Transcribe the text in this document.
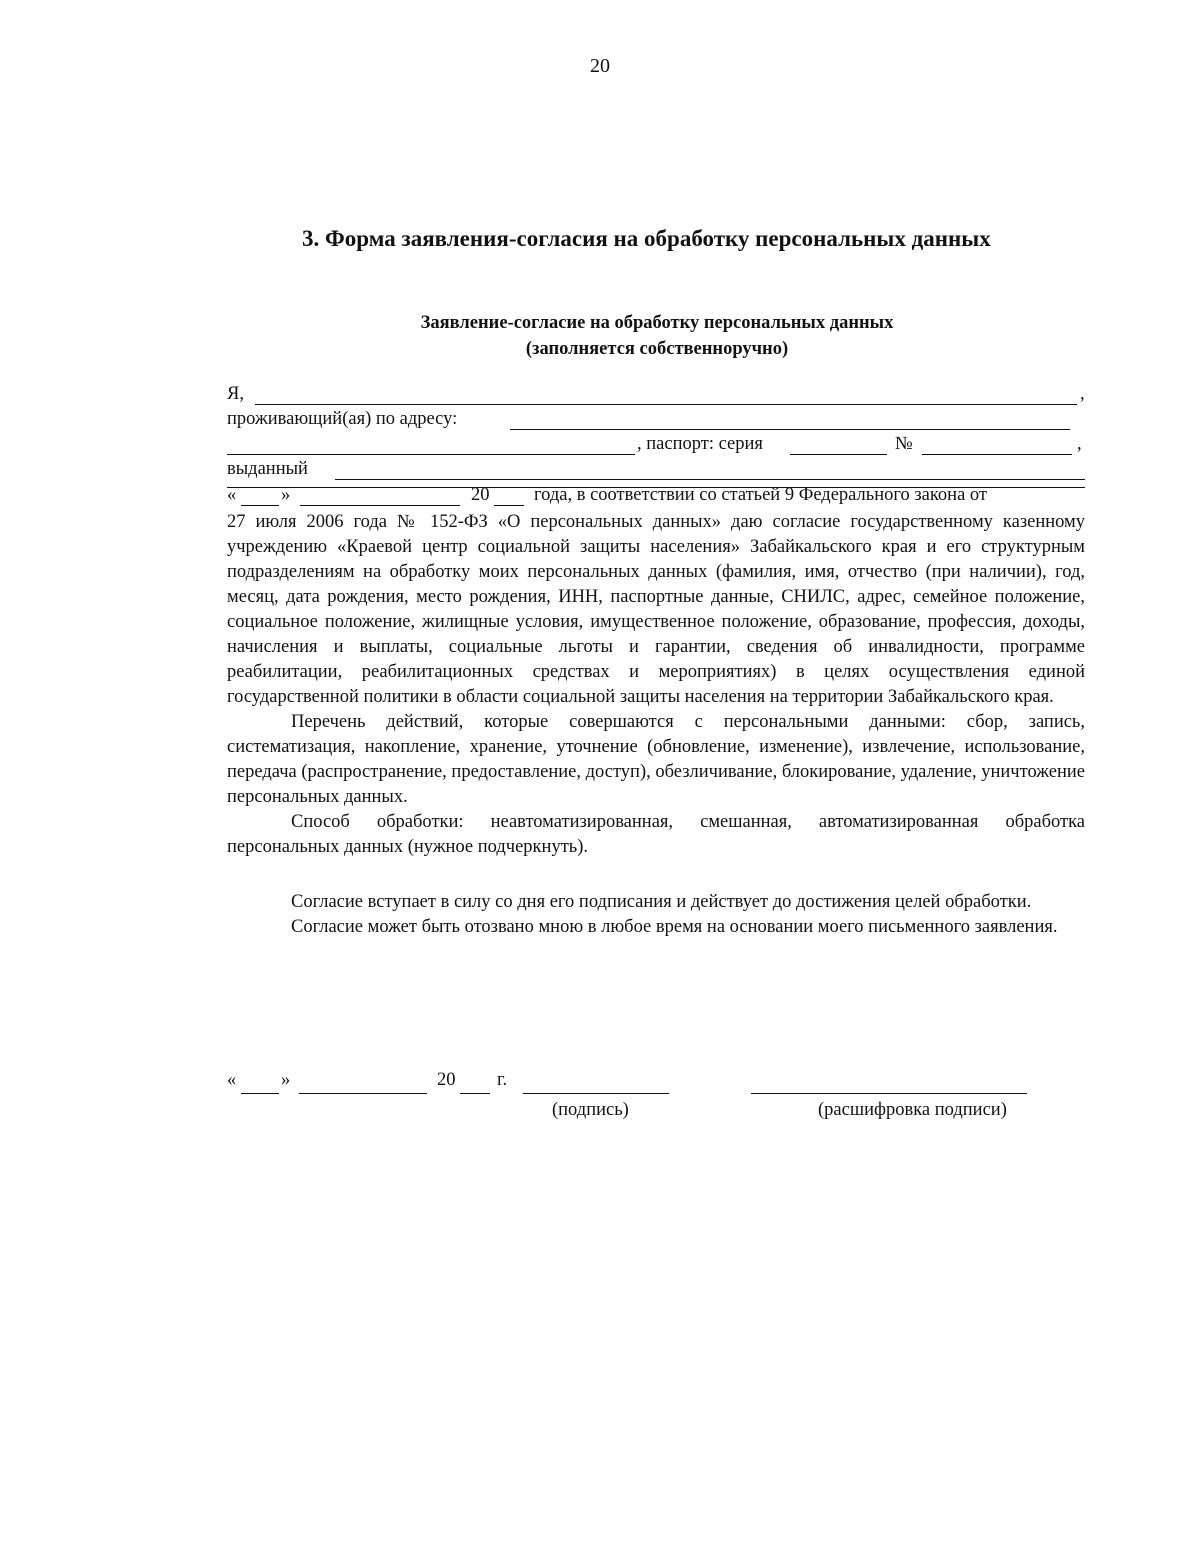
20
3. Форма заявления-согласия на обработку персональных данных
Заявление-согласие на обработку персональных данных
(заполняется собственноручно)
Я,	,
проживающий(ая) по адресу:
, паспорт: серия	№	,
выданный
« »	20 года, в соответствии со статьей 9 Федерального закона от

27 июля 2006 года № 152-ФЗ «О персональных данных» даю согласие государственному казенному учреждению «Краевой центр социальной защиты населения» Забайкальского края и его структурным подразделениям на обработку моих персональных данных (фамилия, имя, отчество (при наличии), год, месяц, дата рождения, место рождения, ИНН, паспортные данные, СНИЛС, адрес, семейное положение, социальное положение, жилищные условия, имущественное положение, образование, профессия, доходы, начисления и выплаты, социальные льготы и гарантии, сведения об инвалидности, программе реабилитации, реабилитационных средствах и мероприятиях) в целях осуществления единой государственной политики в области социальной защиты населения на территории Забайкальского края.

Перечень действий, которые совершаются с персональными данными: сбор, запись, систематизация, накопление, хранение, уточнение (обновление, изменение), извлечение, использование, передача (распространение, предоставление, доступ), обезличивание, блокирование, удаление, уничтожение персональных данных.

Способ обработки: неавтоматизированная, смешанная, автоматизированная обработка персональных данных (нужное подчеркнуть).

Согласие вступает в силу со дня его подписания и действует до достижения целей обработки.

Согласие может быть отозвано мною в любое время на основании моего письменного заявления.

« »	20 г.
(подпись)	(расшифровка подписи)
